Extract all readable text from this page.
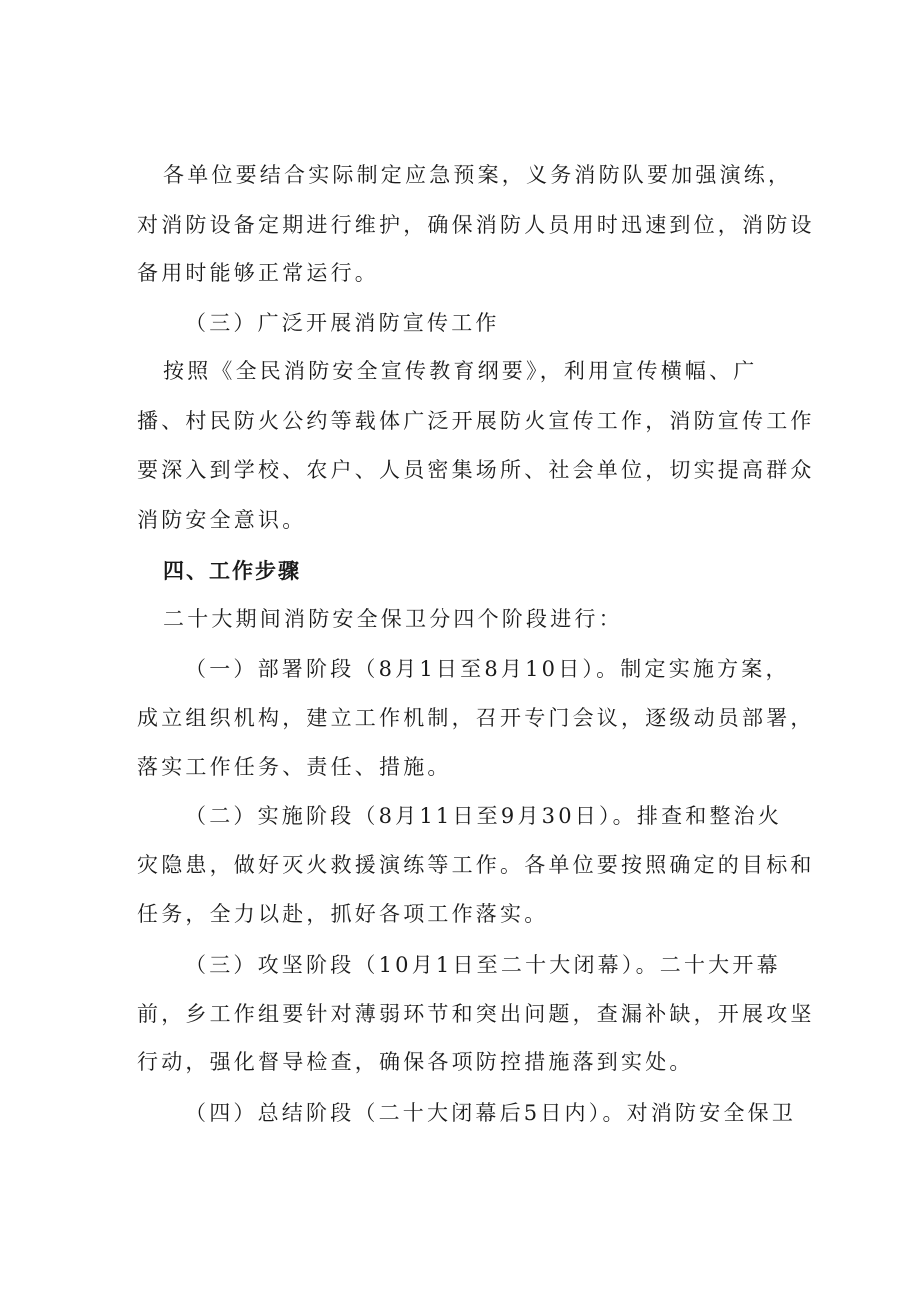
各单位要结合实际制定应急预案，义务消防队要加强演练，
对消防设备定期进行维护，确保消防人员用时迅速到位，消防设
备用时能够正常运行。
（三）广泛开展消防宣传工作
按照《全民消防安全宣传教育纲要》，利用宣传横幅、广
播、村民防火公约等载体广泛开展防火宣传工作，消防宣传工作
要深入到学校、农户、人员密集场所、社会单位，切实提高群众
消防安全意识。
四、工作步骤
二十大期间消防安全保卫分四个阶段进行：
（一）部署阶段（8月1日至8月10日）。制定实施方案，
成立组织机构，建立工作机制，召开专门会议，逐级动员部署，
落实工作任务、责任、措施。
（二）实施阶段（8月11日至9月30日）。排查和整治火
灾隐患，做好灭火救援演练等工作。各单位要按照确定的目标和
任务，全力以赴，抓好各项工作落实。
（三）攻坚阶段（10月1日至二十大闭幕）。二十大开幕
前，乡工作组要针对薄弱环节和突出问题，查漏补缺，开展攻坚
行动，强化督导检查，确保各项防控措施落到实处。
（四）总结阶段（二十大闭幕后5日内）。对消防安全保卫
